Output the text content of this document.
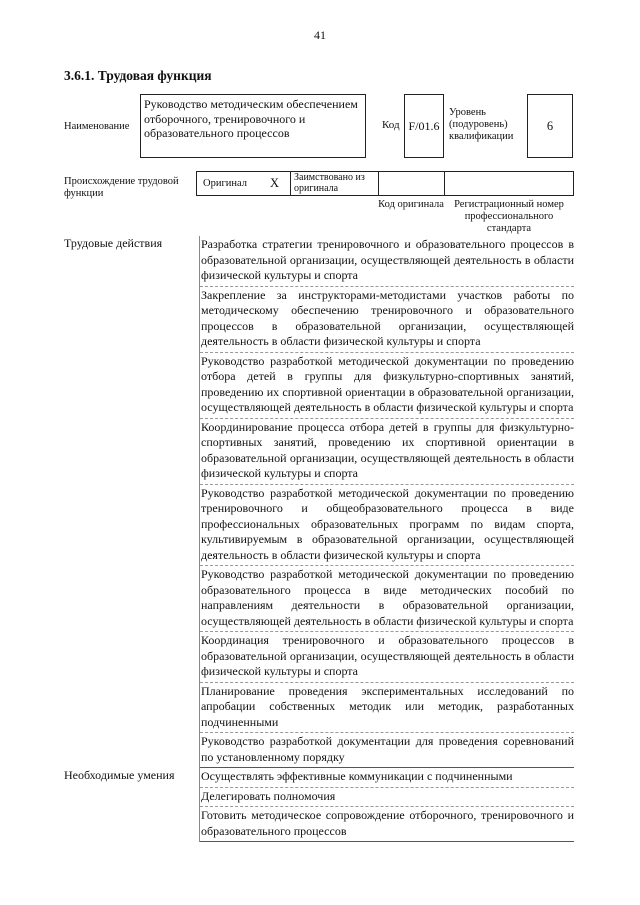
41
3.6.1. Трудовая функция
Наименование
Руководство методическим обеспечением отборочного, тренировочного и образовательного процессов
Код F/01.6
Уровень (подуровень) квалификации
6
Происхождение трудовой функции
Оригинал X Заимствовано из оригинала
Код оригинала Регистрационный номер профессионального стандарта
Трудовые действия	Разработка стратегии тренировочного и образовательного процессов в образовательной организации, осуществляющей деятельность в области физической культуры и спорта
Закрепление за инструкторами-методистами участков работы по методическому обеспечению тренировочного и образовательного процессов в образовательной организации, осуществляющей деятельность в области физической культуры и спорта
Руководство разработкой методической документации по проведению отбора детей в группы для физкультурно-спортивных занятий, проведению их спортивной ориентации в образовательной организации, осуществляющей деятельность в области физической культуры и спорта
Координирование процесса отбора детей в группы для физкультурно-спортивных занятий, проведению их спортивной ориентации в образовательной организации, осуществляющей деятельность в области физической культуры и спорта
Руководство разработкой методической документации по проведению тренировочного и общеобразовательного процесса в виде профессиональных образовательных программ по видам спорта, культивируемым в образовательной организации, осуществляющей деятельность в области физической культуры и спорта
Руководство разработкой методической документации по проведению образовательного процесса в виде методических пособий по направлениям деятельности в образовательной организации, осуществляющей деятельность в области физической культуры и спорта
Координация тренировочного и образовательного процессов в образовательной организации, осуществляющей деятельность в области физической культуры и спорта
Планирование проведения экспериментальных исследований по апробации собственных методик или методик, разработанных подчиненными
Руководство разработкой документации для проведения соревнований по установленному порядку
Необходимые умения	Осуществлять эффективные коммуникации с подчиненными
Делегировать полномочия
Готовить методическое сопровождение отборочного, тренировочного и образовательного процессов
